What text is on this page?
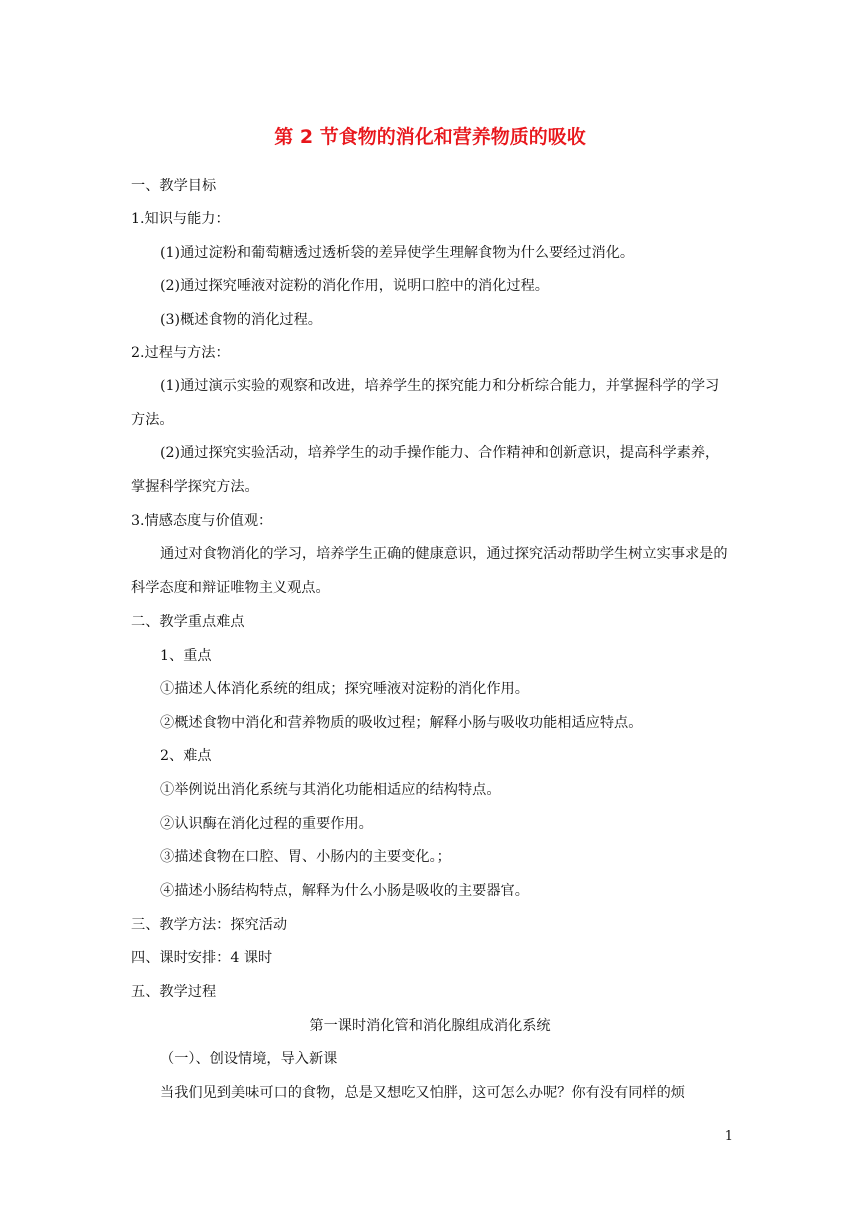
第 2 节食物的消化和营养物质的吸收
一、教学目标
1.知识与能力：
(1)通过淀粉和葡萄糖透过透析袋的差异使学生理解食物为什么要经过消化。
(2)通过探究唾液对淀粉的消化作用，说明口腔中的消化过程。
(3)概述食物的消化过程。
2.过程与方法：
(1)通过演示实验的观察和改进，培养学生的探究能力和分析综合能力，并掌握科学的学习方法。
(2)通过探究实验活动，培养学生的动手操作能力、合作精神和创新意识，提高科学素养，掌握科学探究方法。
3.情感态度与价值观：
通过对食物消化的学习，培养学生正确的健康意识，通过探究活动帮助学生树立实事求是的科学态度和辩证唯物主义观点。
二、教学重点难点
1、重点
①描述人体消化系统的组成；探究唾液对淀粉的消化作用。
②概述食物中消化和营养物质的吸收过程；解释小肠与吸收功能相适应特点。
2、难点
①举例说出消化系统与其消化功能相适应的结构特点。
②认识酶在消化过程的重要作用。
③描述食物在口腔、胃、小肠内的主要变化。；
④描述小肠结构特点，解释为什么小肠是吸收的主要器官。
三、教学方法：探究活动
四、课时安排：4 课时
五、教学过程
第一课时消化管和消化腺组成消化系统
（一）、创设情境，导入新课
当我们见到美味可口的食物，总是又想吃又怕胖，这可怎么办呢？你有没有同样的烦
1
